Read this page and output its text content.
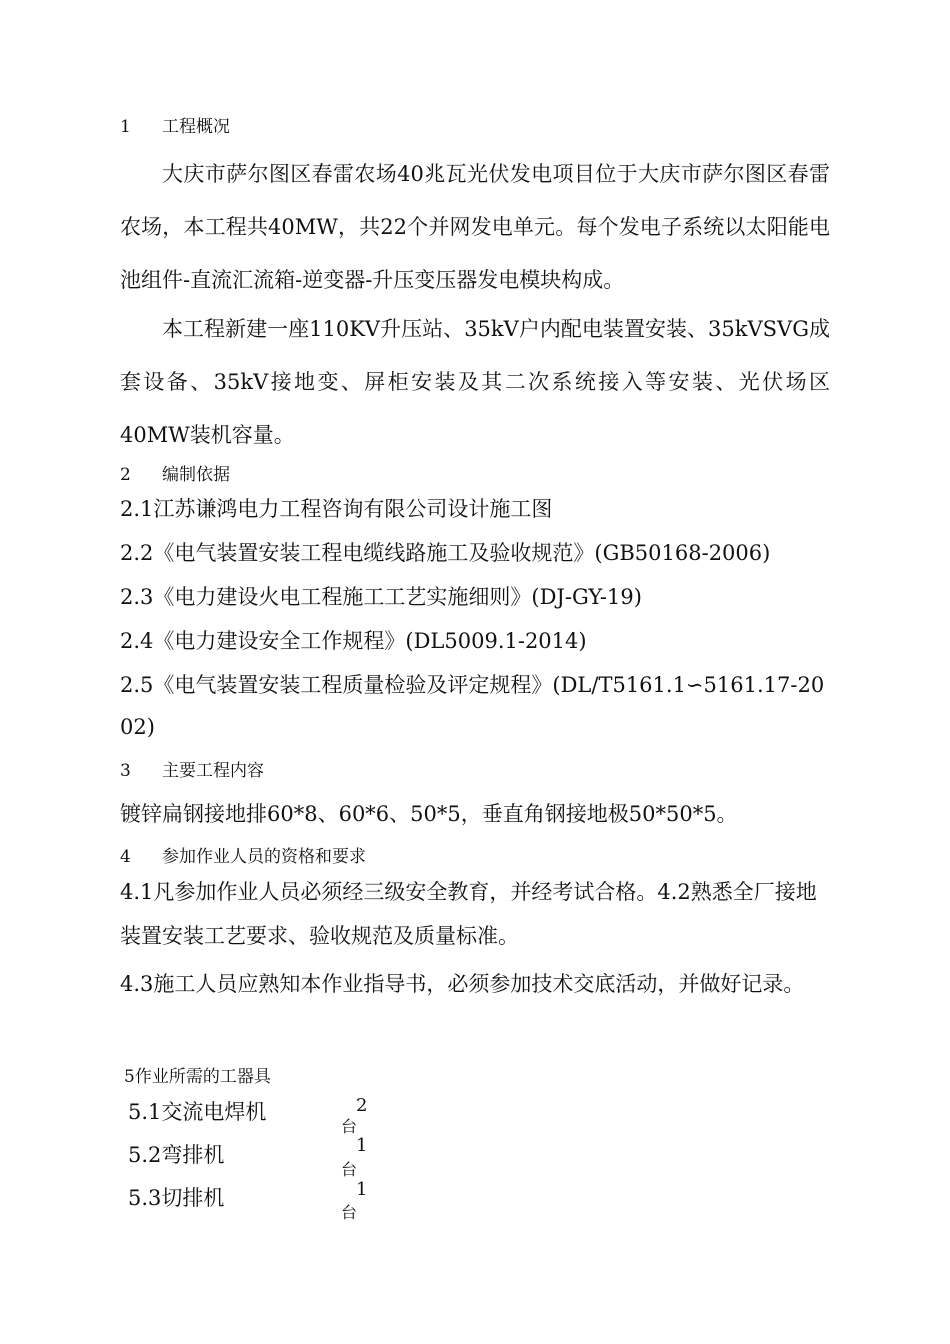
1 工程概况
大庆市萨尔图区春雷农场40兆瓦光伏发电项目位于大庆市萨尔图区春雷农场，本工程共40MW，共22个并网发电单元。每个发电子系统以太阳能电池组件-直流汇流箱-逆变器-升压变压器发电模块构成。
本工程新建一座110KV升压站、35kV户内配电装置安装、35kVSVG成套设备、35kV接地变、屏柜安装及其二次系统接入等安装、光伏场区40MW装机容量。
2 编制依据
2.1江苏谦鸿电力工程咨询有限公司设计施工图
2.2《电气装置安装工程电缆线路施工及验收规范》(GB50168-2006)
2.3《电力建设火电工程施工工艺实施细则》(DJ-GY-19)
2.4《电力建设安全工作规程》(DL5009.1-2014)
2.5《电气装置安装工程质量检验及评定规程》(DL/T5161.1∽5161.17-2002)
3 主要工程内容
镀锌扁钢接地排60*8、60*6、50*5，垂直角钢接地极50*50*5。
4 参加作业人员的资格和要求
4.1凡参加作业人员必须经三级安全教育，并经考试合格。4.2熟悉全厂接地装置安装工艺要求、验收规范及质量标准。
4.3施工人员应熟知本作业指导书，必须参加技术交底活动，并做好记录。
5作业所需的工器具
5.1交流电焊机	2
台
5.2弯排机	1
台
5.3切排机	1
台
